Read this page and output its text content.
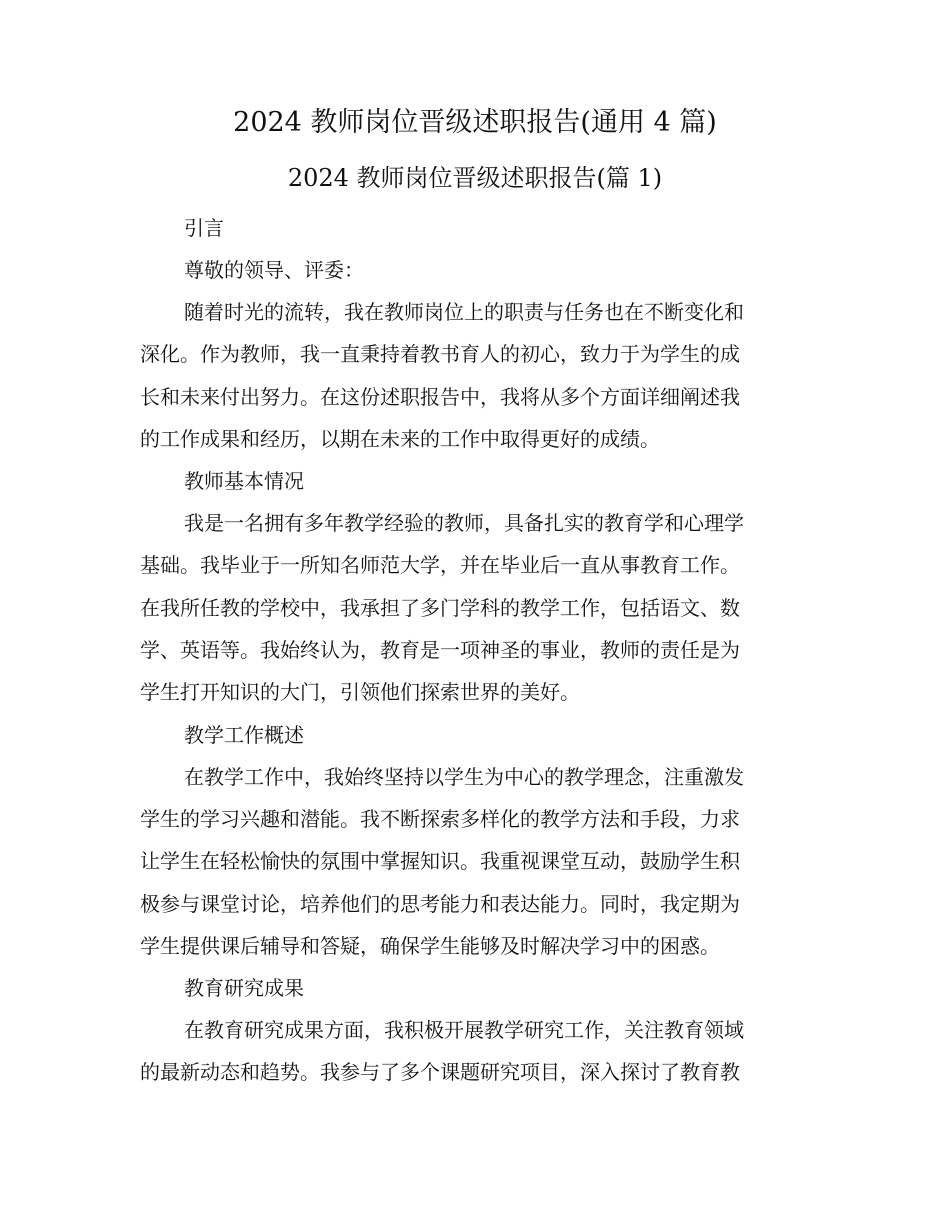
2024 教师岗位晋级述职报告(通用 4 篇)
2024 教师岗位晋级述职报告(篇 1)
引言
尊敬的领导、评委：
随着时光的流转，我在教师岗位上的职责与任务也在不断变化和
深化。作为教师，我一直秉持着教书育人的初心，致力于为学生的成
长和未来付出努力。在这份述职报告中，我将从多个方面详细阐述我
的工作成果和经历，以期在未来的工作中取得更好的成绩。
教师基本情况
我是一名拥有多年教学经验的教师，具备扎实的教育学和心理学
基础。我毕业于一所知名师范大学，并在毕业后一直从事教育工作。
在我所任教的学校中，我承担了多门学科的教学工作，包括语文、数
学、英语等。我始终认为，教育是一项神圣的事业，教师的责任是为
学生打开知识的大门，引领他们探索世界的美好。
教学工作概述
在教学工作中，我始终坚持以学生为中心的教学理念，注重激发
学生的学习兴趣和潜能。我不断探索多样化的教学方法和手段，力求
让学生在轻松愉快的氛围中掌握知识。我重视课堂互动，鼓励学生积
极参与课堂讨论，培养他们的思考能力和表达能力。同时，我定期为
学生提供课后辅导和答疑，确保学生能够及时解决学习中的困惑。
教育研究成果
在教育研究成果方面，我积极开展教学研究工作，关注教育领域
的最新动态和趋势。我参与了多个课题研究项目，深入探讨了教育教
